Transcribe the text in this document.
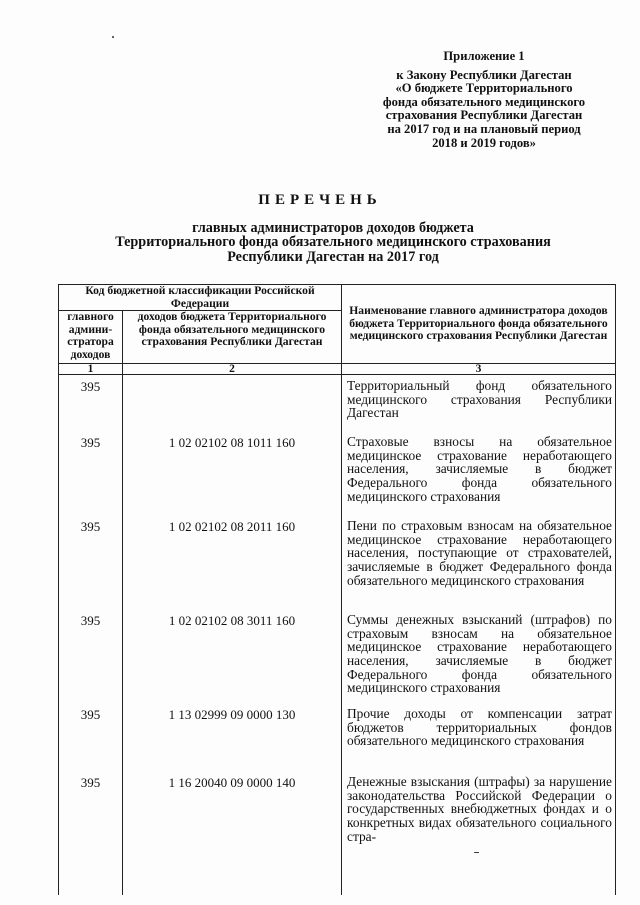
Приложение 1
к Закону Республики Дагестан
«О бюджете Территориального
фонда обязательного медицинского
страхования Республики Дагестан
на 2017 год и на плановый период
2018 и 2019 годов»
ПЕРЕЧЕНЬ
главных администраторов доходов бюджета
Территориального фонда обязательного медицинского страхования
Республики Дагестан на 2017 год
Код бюджетной классификации Российской Федерации		Наименование главного администратора доходов бюджета Территориального фонда обязательного медицинского страхования Республики Дагестан
главного админи-стратора доходов	доходов бюджета Территориального фонда обязательного медицинского страхования Республики Дагестан	
1	2	3
395		Территориальный фонд обязательного медицинского страхования Республики Дагестан
395	1 02 02102 08 1011 160	Страховые взносы на обязательное медицинское страхование неработающего населения, зачисляемые в бюджет Федерального фонда обязательного медицинского страхования
395	1 02 02102 08 2011 160	Пени по страховым взносам на обязательное медицинское страхование неработающего населения, поступающие от страхователей, зачисляемые в бюджет Федерального фонда обязательного медицинского страхования
395	1 02 02102 08 3011 160	Суммы денежных взысканий (штрафов) по страховым взносам на обязательное медицинское страхование неработающего населения, зачисляемые в бюджет Федерального фонда обязательного медицинского страхования
395	1 13 02999 09 0000 130	Прочие доходы от компенсации затрат бюджетов территориальных фондов обязательного медицинского страхования
395	1 16 20040 09 0000 140	Денежные взыскания (штрафы) за нарушение законодательства Российской Федерации о государственных внебюджетных фондах и о конкретных видах обязательного социального стра-
